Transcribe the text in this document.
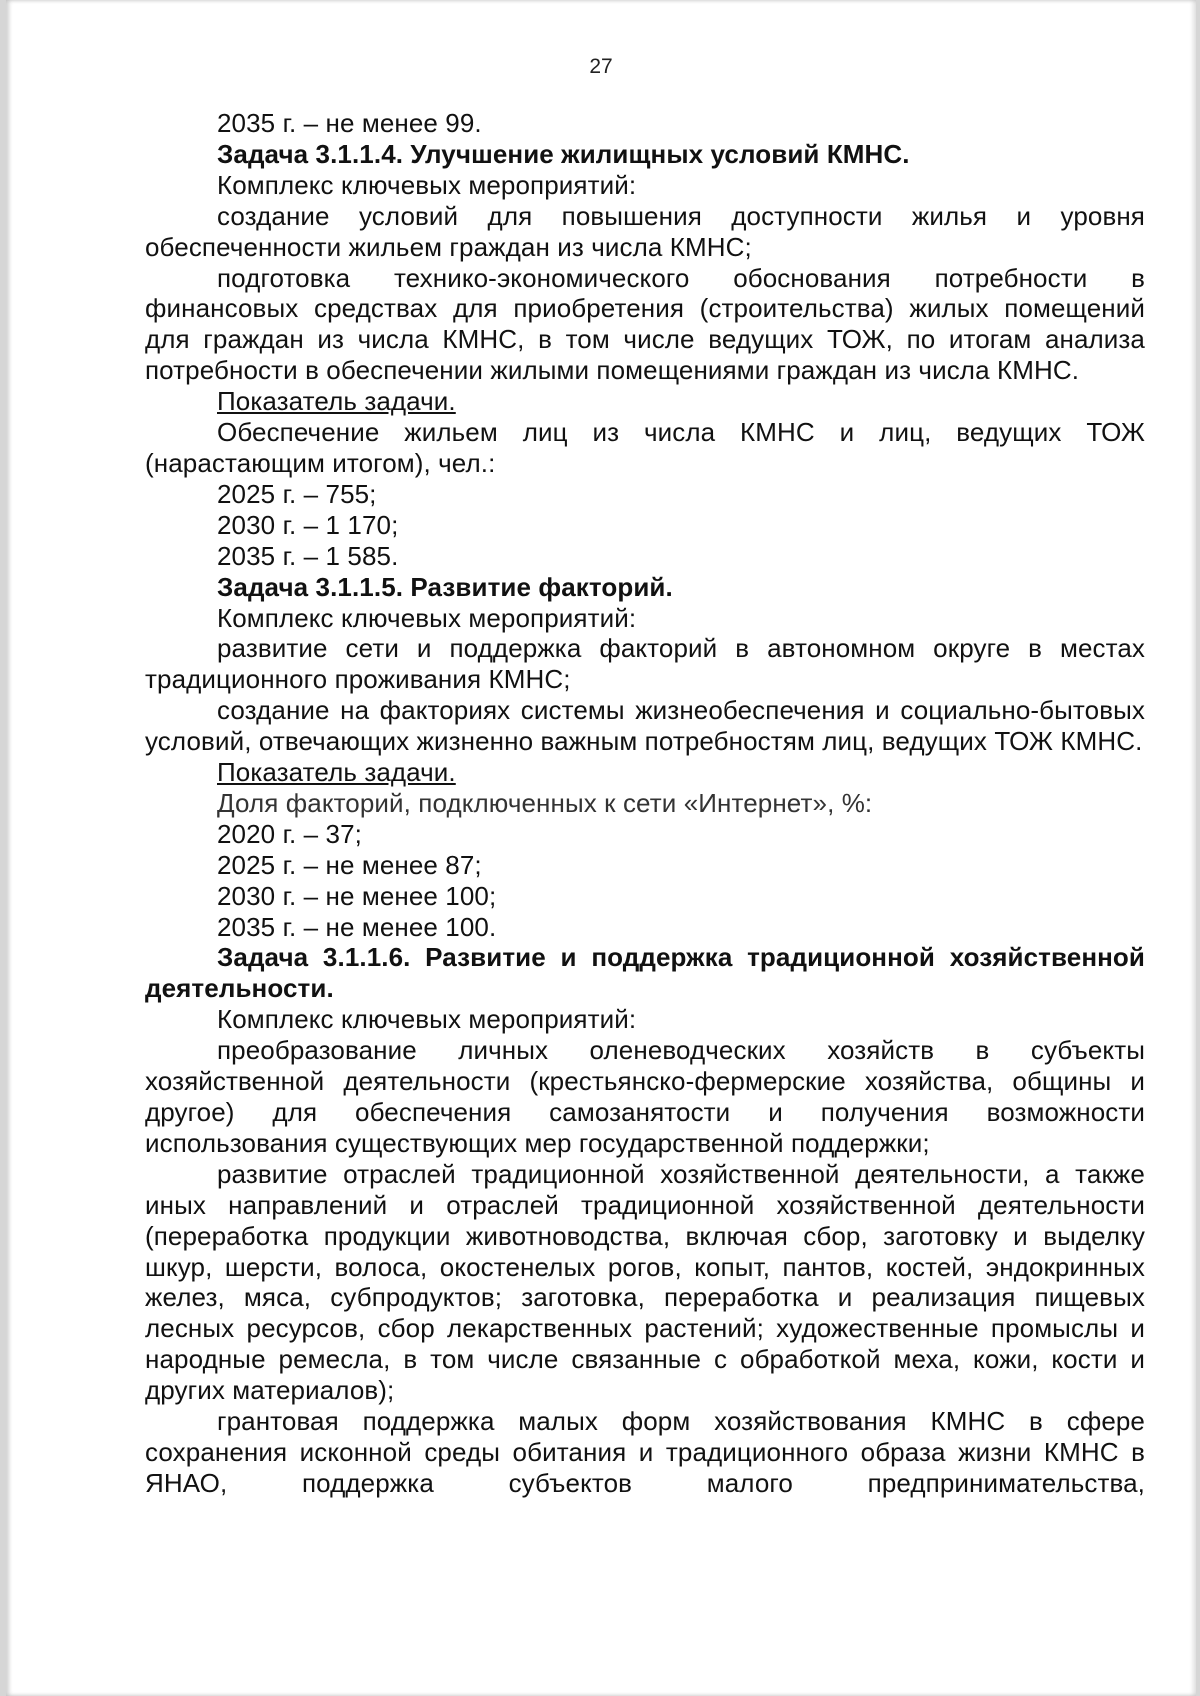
27

2035 г. – не менее 99.

Задача 3.1.1.4. Улучшение жилищных условий КМНС.

Комплекс ключевых мероприятий:

создание условий для повышения доступности жилья и уровня обеспеченности жильем граждан из числа КМНС;

подготовка технико-экономического обоснования потребности в финансовых средствах для приобретения (строительства) жилых помещений для граждан из числа КМНС, в том числе ведущих ТОЖ, по итогам анализа потребности в обеспечении жилыми помещениями граждан из числа КМНС.

Показатель задачи.

Обеспечение жильем лиц из числа КМНС и лиц, ведущих ТОЖ (нарастающим итогом), чел.:

2025 г. – 755;

2030 г. – 1 170;

2035 г. – 1 585.

Задача 3.1.1.5. Развитие факторий.

Комплекс ключевых мероприятий:

развитие сети и поддержка факторий в автономном округе в местах традиционного проживания КМНС;

создание на факториях системы жизнеобеспечения и социально-бытовых условий, отвечающих жизненно важным потребностям лиц, ведущих ТОЖ КМНС.

Показатель задачи.

Доля факторий, подключенных к сети «Интернет», %:

2020 г. – 37;

2025 г. – не менее 87;

2030 г. – не менее 100;

2035 г. – не менее 100.

Задача 3.1.1.6. Развитие и поддержка традиционной хозяйственной деятельности.

Комплекс ключевых мероприятий:

преобразование личных оленеводческих хозяйств в субъекты хозяйственной деятельности (крестьянско-фермерские хозяйства, общины и другое) для обеспечения самозанятости и получения возможности использования существующих мер государственной поддержки;

развитие отраслей традиционной хозяйственной деятельности, а также иных направлений и отраслей традиционной хозяйственной деятельности (переработка продукции животноводства, включая сбор, заготовку и выделку шкур, шерсти, волоса, окостенелых рогов, копыт, пантов, костей, эндокринных желез, мяса, субпродуктов; заготовка, переработка и реализация пищевых лесных ресурсов, сбор лекарственных растений; художественные промыслы и народные ремесла, в том числе связанные с обработкой меха, кожи, кости и других материалов);

грантовая поддержка малых форм хозяйствования КМНС в сфере сохранения исконной среды обитания и традиционного образа жизни КМНС в ЯНАО, поддержка субъектов малого предпринимательства,
